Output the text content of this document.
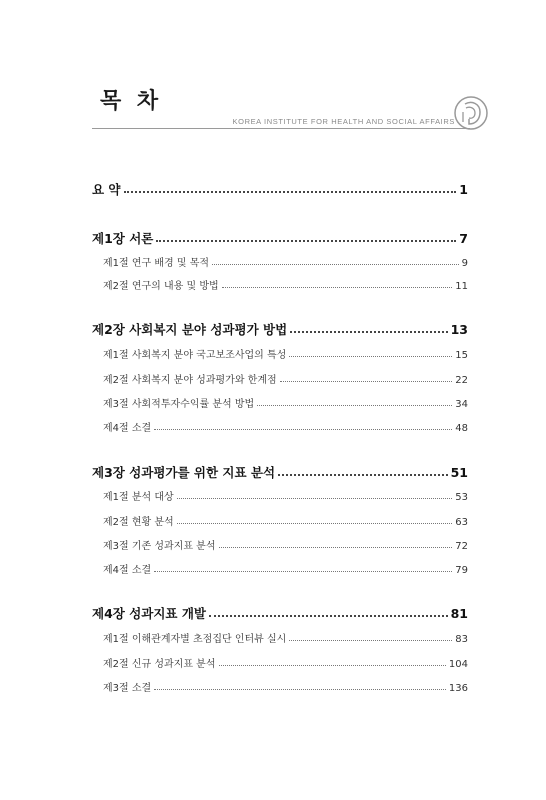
목 차
KOREA INSTITUTE FOR HEALTH AND SOCIAL AFFAIRS
요 약	1
제1장 서론	7
제1절 연구 배경 및 목적	9
제2절 연구의 내용 및 방법	11
제2장 사회복지 분야 성과평가 방법	13
제1절 사회복지 분야 국고보조사업의 특성	15
제2절 사회복지 분야 성과평가와 한계점	22
제3절 사회적투자수익률 분석 방법	34
제4절 소결	48
제3장 성과평가를 위한 지표 분석	51
제1절 분석 대상	53
제2절 현황 분석	63
제3절 기존 성과지표 분석	72
제4절 소결	79
제4장 성과지표 개발	81
제1절 이해관계자별 초점집단 인터뷰 실시	83
제2절 신규 성과지표 분석	104
제3절 소결	136
